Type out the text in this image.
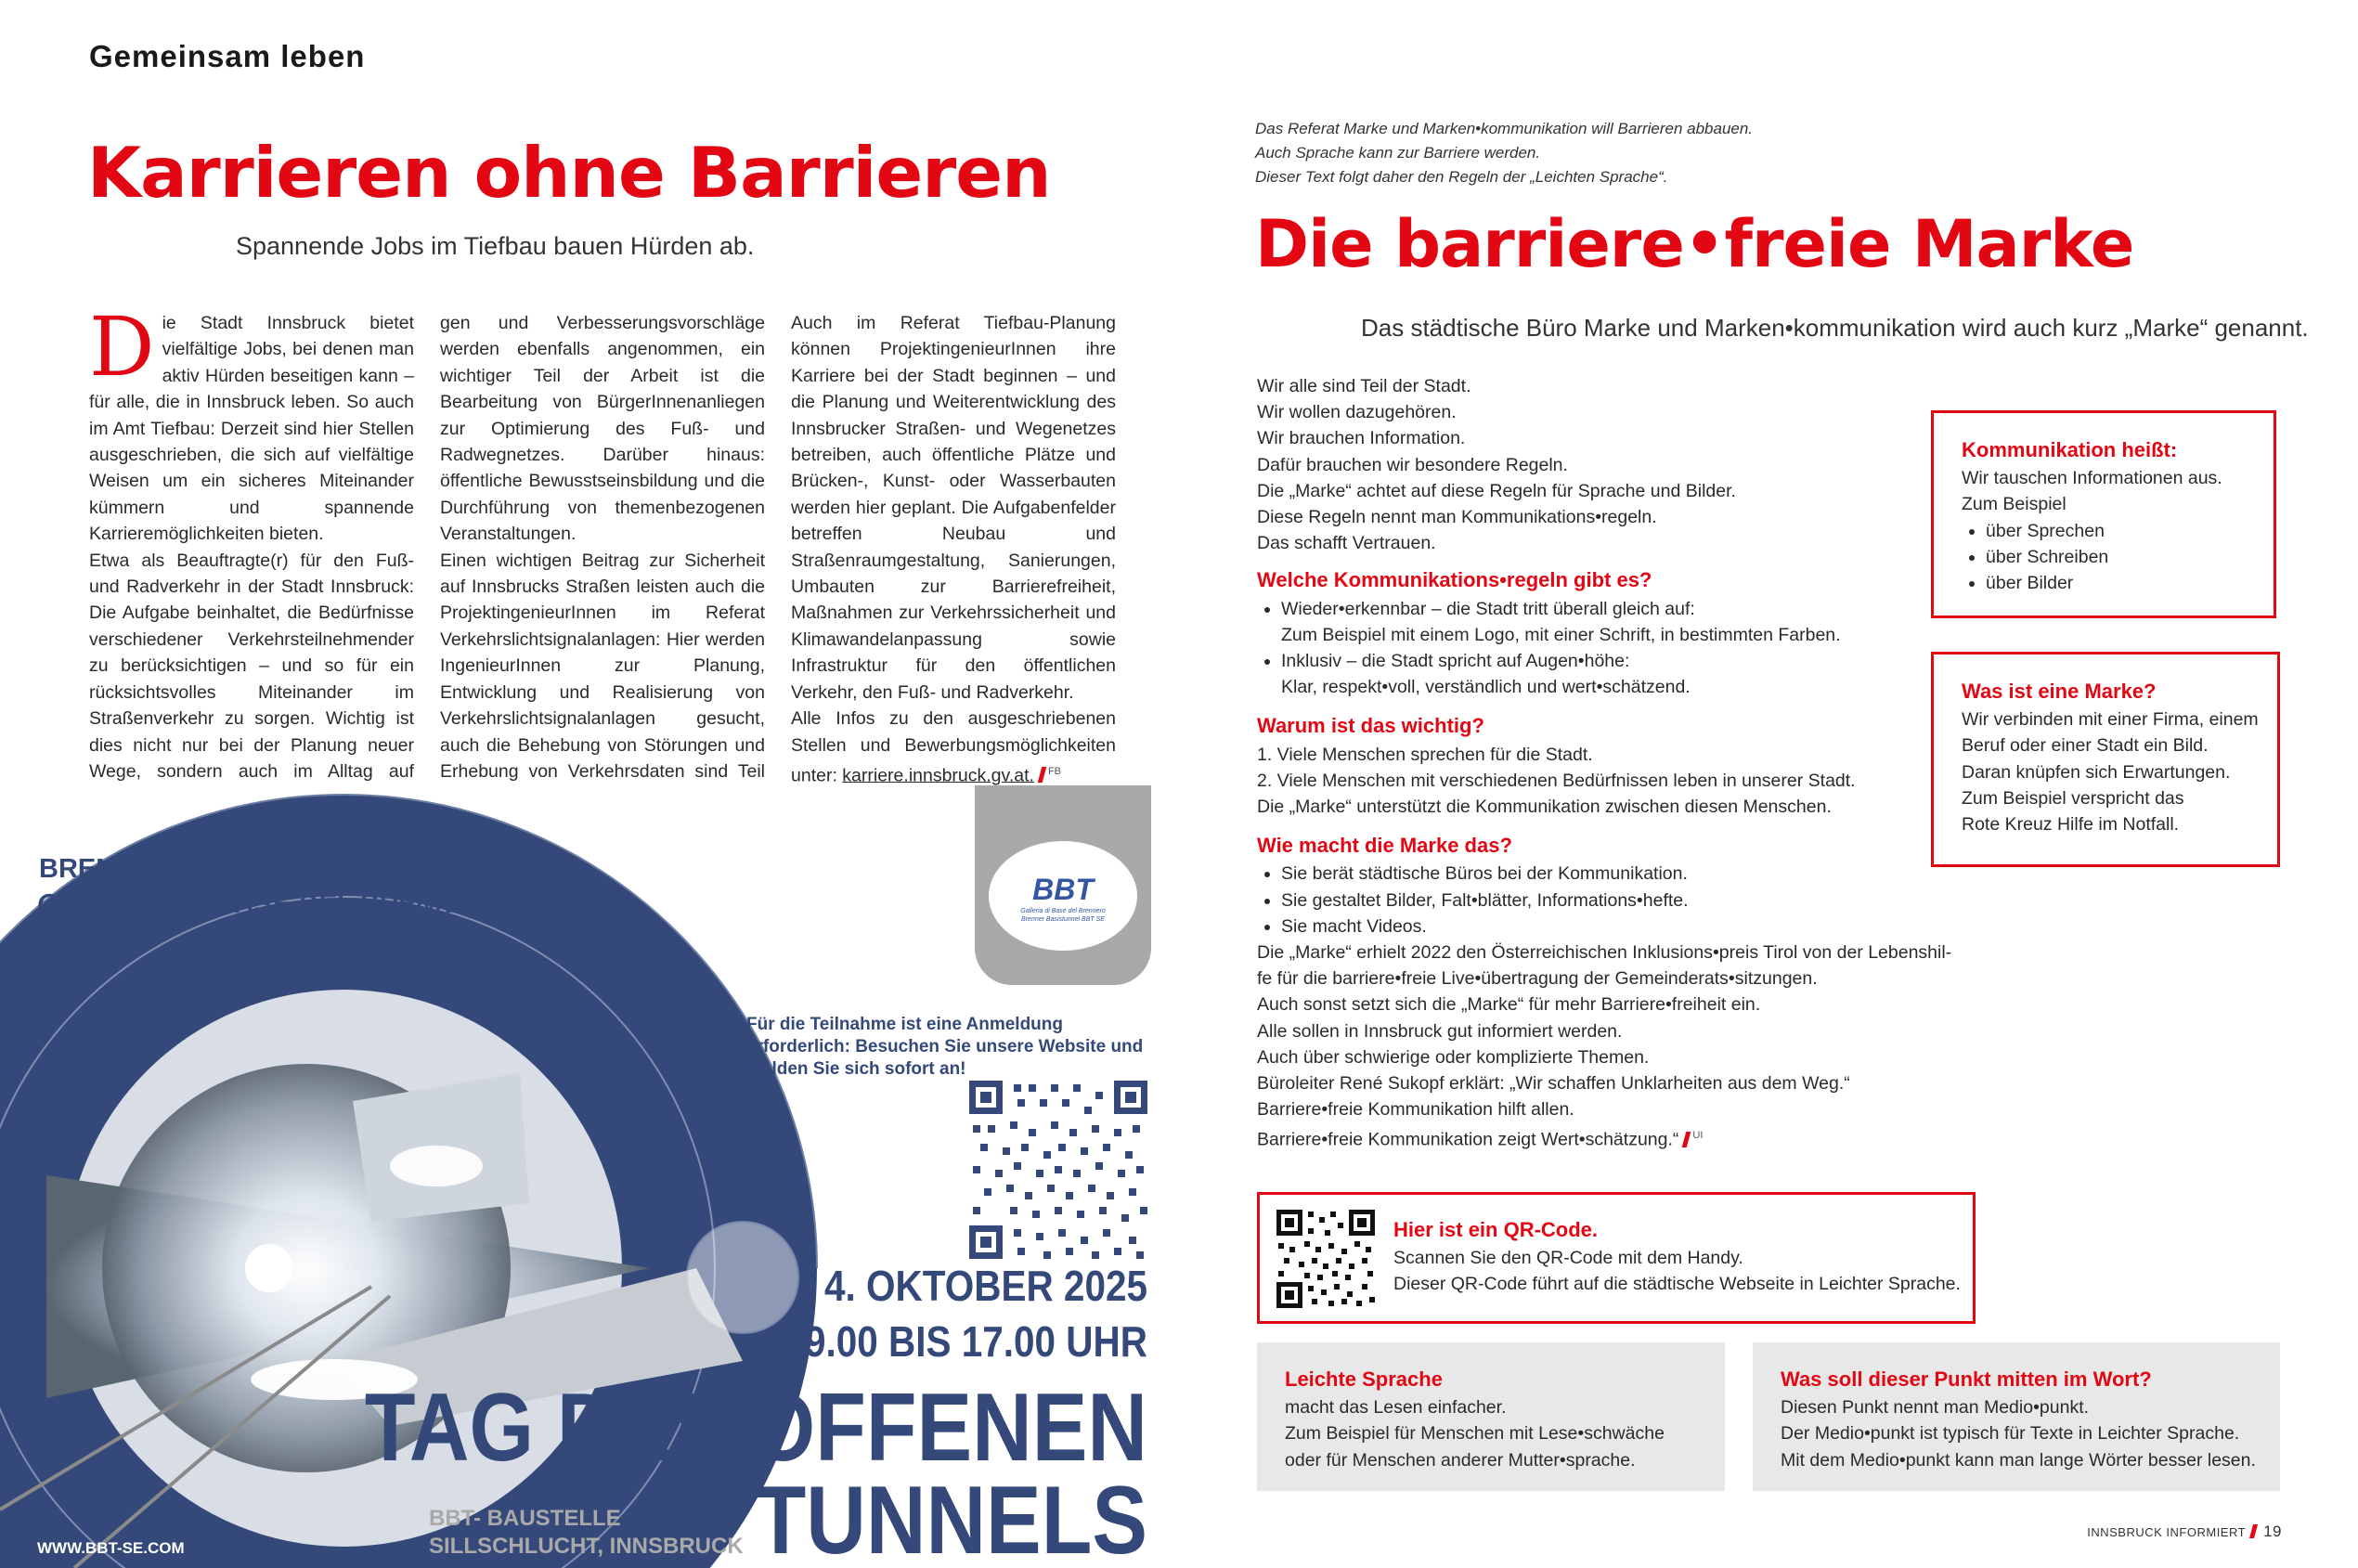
Gemeinsam leben
Karrieren ohne Barrieren
Spannende Jobs im Tiefbau bauen Hürden ab.
D ie Stadt Innsbruck bietet vielfältige Jobs, bei denen man aktiv Hürden beseitigen kann – für alle, die in Innsbruck leben. So auch im Amt Tiefbau: Derzeit sind hier Stellen ausgeschrieben, die sich auf vielfältige Weisen um ein sicheres Miteinander kümmern und spannende Karrieremöglichkeiten bieten.

Etwa als Beauftragte(r) für den Fuß- und Radverkehr in der Stadt Innsbruck: Die Aufgabe beinhaltet, die Bedürfnisse verschiedener Verkehrsteilnehmender zu berücksichtigen – und so für ein rücksichtsvolles Miteinander im Straßenverkehr zu sorgen. Wichtig ist dies nicht nur bei der Planung neuer Wege, sondern auch im Alltag auf

gen und Verbesserungsvorschläge werden ebenfalls angenommen, ein wichtiger Teil der Arbeit ist die Bearbeitung von BürgerInnenanliegen zur Optimierung des Fuß- und Radwegnetzes. Darüber hinaus: öffentliche Bewusstseinsbildung und die Durchführung von themenbezogenen Veranstaltungen.

Einen wichtigen Beitrag zur Sicherheit auf Innsbrucks Straßen leisten auch die ProjektingenieurInnen im Referat Verkehrslichtsignalanlagen: Hier werden IngenieurInnen zur Planung, Entwicklung und Realisierung von Verkehrslichtsignalanlagen gesucht, auch die Behebung von Störungen und Erhebung von Verkehrsdaten sind Teil

Auch im Referat Tiefbau-Planung können ProjektingenieurInnen ihre Karriere bei der Stadt beginnen – und die Planung und Weiterentwicklung des Innsbrucker Straßen- und Wegenetzes betreiben, auch öffentliche Plätze und Brücken-, Kunst- oder Wasserbauten werden hier geplant. Die Aufgabenfelder betreffen Neubau und Straßenraumgestaltung, Sanierungen, Umbauten zur Barrierefreiheit, Maßnahmen zur Verkehrssicherheit und Klimawandelanpassung sowie Infrastruktur für den öffentlichen Verkehr, den Fuß- und Radverkehr.

Alle Infos zu den ausgeschriebenen Stellen und Bewerbungsmöglichkeiten unter: karriere.innsbruck.gv.at. $^{FB}$

BRENNER BASISTUNNEL
GALLERIA DI BASE DEL BRENNERO	BBT
Galleria di Base del Brennero
Brenner Basistunnel BBT SE
Für die Teilnahme ist eine Anmeldung erforderlich: Besuchen Sie unsere Website und melden Sie sich sofort an!
4. OKTOBER 2025
9.00 BIS 17.00 UHR
TAG DES OFFENEN
TUNNELS
BBT- BAUSTELLE
SILLSCHLUCHT, INNSBRUCK
WWW.BBT-SE.COM
Das Referat Marke und Marken•kommunikation will Barrieren abbauen.
Auch Sprache kann zur Barriere werden.
Dieser Text folgt daher den Regeln der „Leichten Sprache“.
Die barriere•freie Marke
Das städtische Büro Marke und Marken•kommunikation wird auch kurz „Marke“ genannt.

Wir alle sind Teil der Stadt.

Wir wollen dazugehören.

Wir brauchen Information.

Dafür brauchen wir besondere Regeln.

Die „Marke“ achtet auf diese Regeln für Sprache und Bilder.

Diese Regeln nennt man Kommunikations•regeln.

Das schafft Vertrauen.

Welche Kommunikations•regeln gibt es?
• Wieder•erkennbar – die Stadt tritt überall gleich auf:
Zum Beispiel mit einem Logo, mit einer Schrift, in bestimmten Farben.
• Inklusiv – die Stadt spricht auf Augen•höhe:
Klar, respekt•voll, verständlich und wert•schätzend.
Warum ist das wichtig?

1. Viele Menschen sprechen für die Stadt.

2. Viele Menschen mit verschiedenen Bedürfnissen leben in unserer Stadt.

Die „Marke“ unterstützt die Kommunikation zwischen diesen Menschen.

Wie macht die Marke das?
• Sie berät städtische Büros bei der Kommunikation.
• Sie gestaltet Bilder, Falt•blätter, Informations•hefte.
• Sie macht Videos.

Die „Marke“ erhielt 2022 den Österreichischen Inklusions•preis Tirol von der Lebenshil-

fe für die barriere•freie Live•übertragung der Gemeinderats•sitzungen.

Auch sonst setzt sich die „Marke“ für mehr Barriere•freiheit ein.

Alle sollen in Innsbruck gut informiert werden.

Auch über schwierige oder komplizierte Themen.

Büroleiter René Sukopf erklärt: „Wir schaffen Unklarheiten aus dem Weg.“

Barriere•freie Kommunikation hilft allen.

Barriere•freie Kommunikation zeigt Wert•schätzung.“ $^{UI}$

Kommunikation heißt:

Wir tauschen Informationen aus.

Zum Beispiel

• über Sprechen
• über Schreiben
• über Bilder
Was ist eine Marke?

Wir verbinden mit einer Firma, einem

Beruf oder einer Stadt ein Bild.

Daran knüpfen sich Erwartungen.

Zum Beispiel verspricht das

Rote Kreuz Hilfe im Notfall.

Hier ist ein QR-Code.

Scannen Sie den QR-Code mit dem Handy.

Dieser QR-Code führt auf die städtische Webseite in Leichter Sprache.

Leichte Sprache

macht das Lesen einfacher.

Zum Beispiel für Menschen mit Lese•schwäche

oder für Menschen anderer Mutter•sprache.

Was soll dieser Punkt mitten im Wort?

Diesen Punkt nennt man Medio•punkt.

Der Medio•punkt ist typisch für Texte in Leichter Sprache.

Mit dem Medio•punkt kann man lange Wörter besser lesen.

INNSBRUCK INFORMIERT 19
